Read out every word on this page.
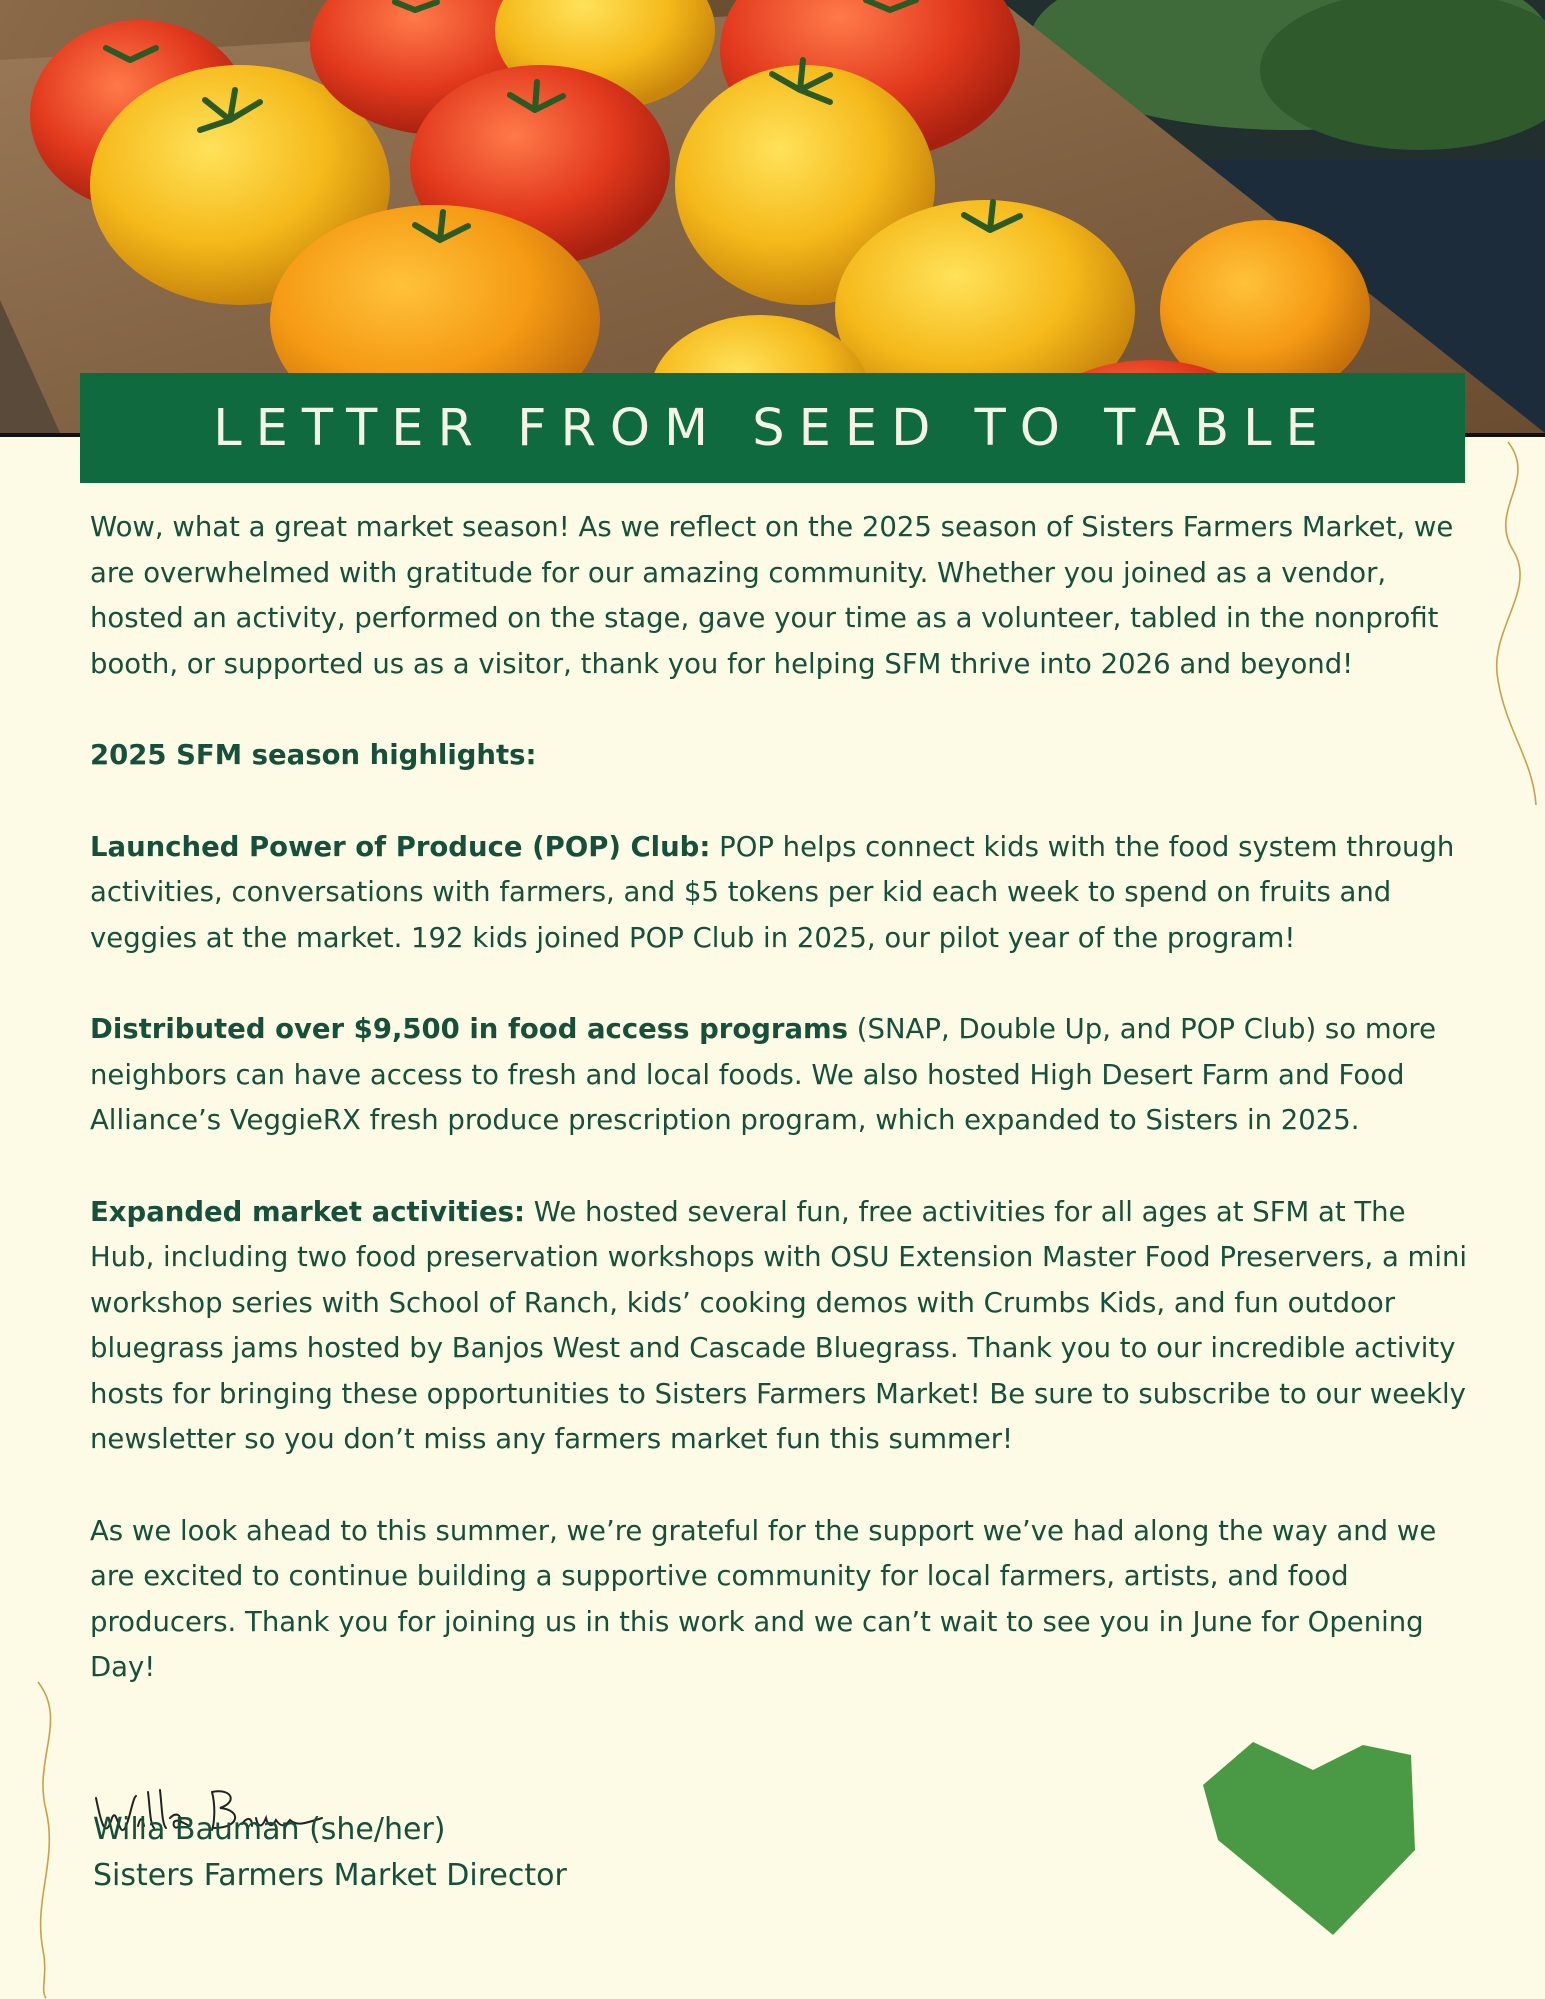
LETTER FROM SEED TO TABLE

Wow, what a great market season! As we reflect on the 2025 season of Sisters Farmers Market, we are overwhelmed with gratitude for our amazing community. Whether you joined as a vendor, hosted an activity, performed on the stage, gave your time as a volunteer, tabled in the nonprofit booth, or supported us as a visitor, thank you for helping SFM thrive into 2026 and beyond!

2025 SFM season highlights:

Launched Power of Produce (POP) Club: POP helps connect kids with the food system through activities, conversations with farmers, and $5 tokens per kid each week to spend on fruits and veggies at the market. 192 kids joined POP Club in 2025, our pilot year of the program!

Distributed over $9,500 in food access programs (SNAP, Double Up, and POP Club) so more neighbors can have access to fresh and local foods. We also hosted High Desert Farm and Food Alliance’s VeggieRX fresh produce prescription program, which expanded to Sisters in 2025.

Expanded market activities: We hosted several fun, free activities for all ages at SFM at The Hub, including two food preservation workshops with OSU Extension Master Food Preservers, a mini workshop series with School of Ranch, kids’ cooking demos with Crumbs Kids, and fun outdoor bluegrass jams hosted by Banjos West and Cascade Bluegrass. Thank you to our incredible activity hosts for bringing these opportunities to Sisters Farmers Market! Be sure to subscribe to our weekly newsletter so you don’t miss any farmers market fun this summer!

As we look ahead to this summer, we’re grateful for the support we’ve had along the way and we are excited to continue building a supportive community for local farmers, artists, and food producers. Thank you for joining us in this work and we can’t wait to see you in June for Opening Day!

Willa Bauman (she/her)
Sisters Farmers Market Director
